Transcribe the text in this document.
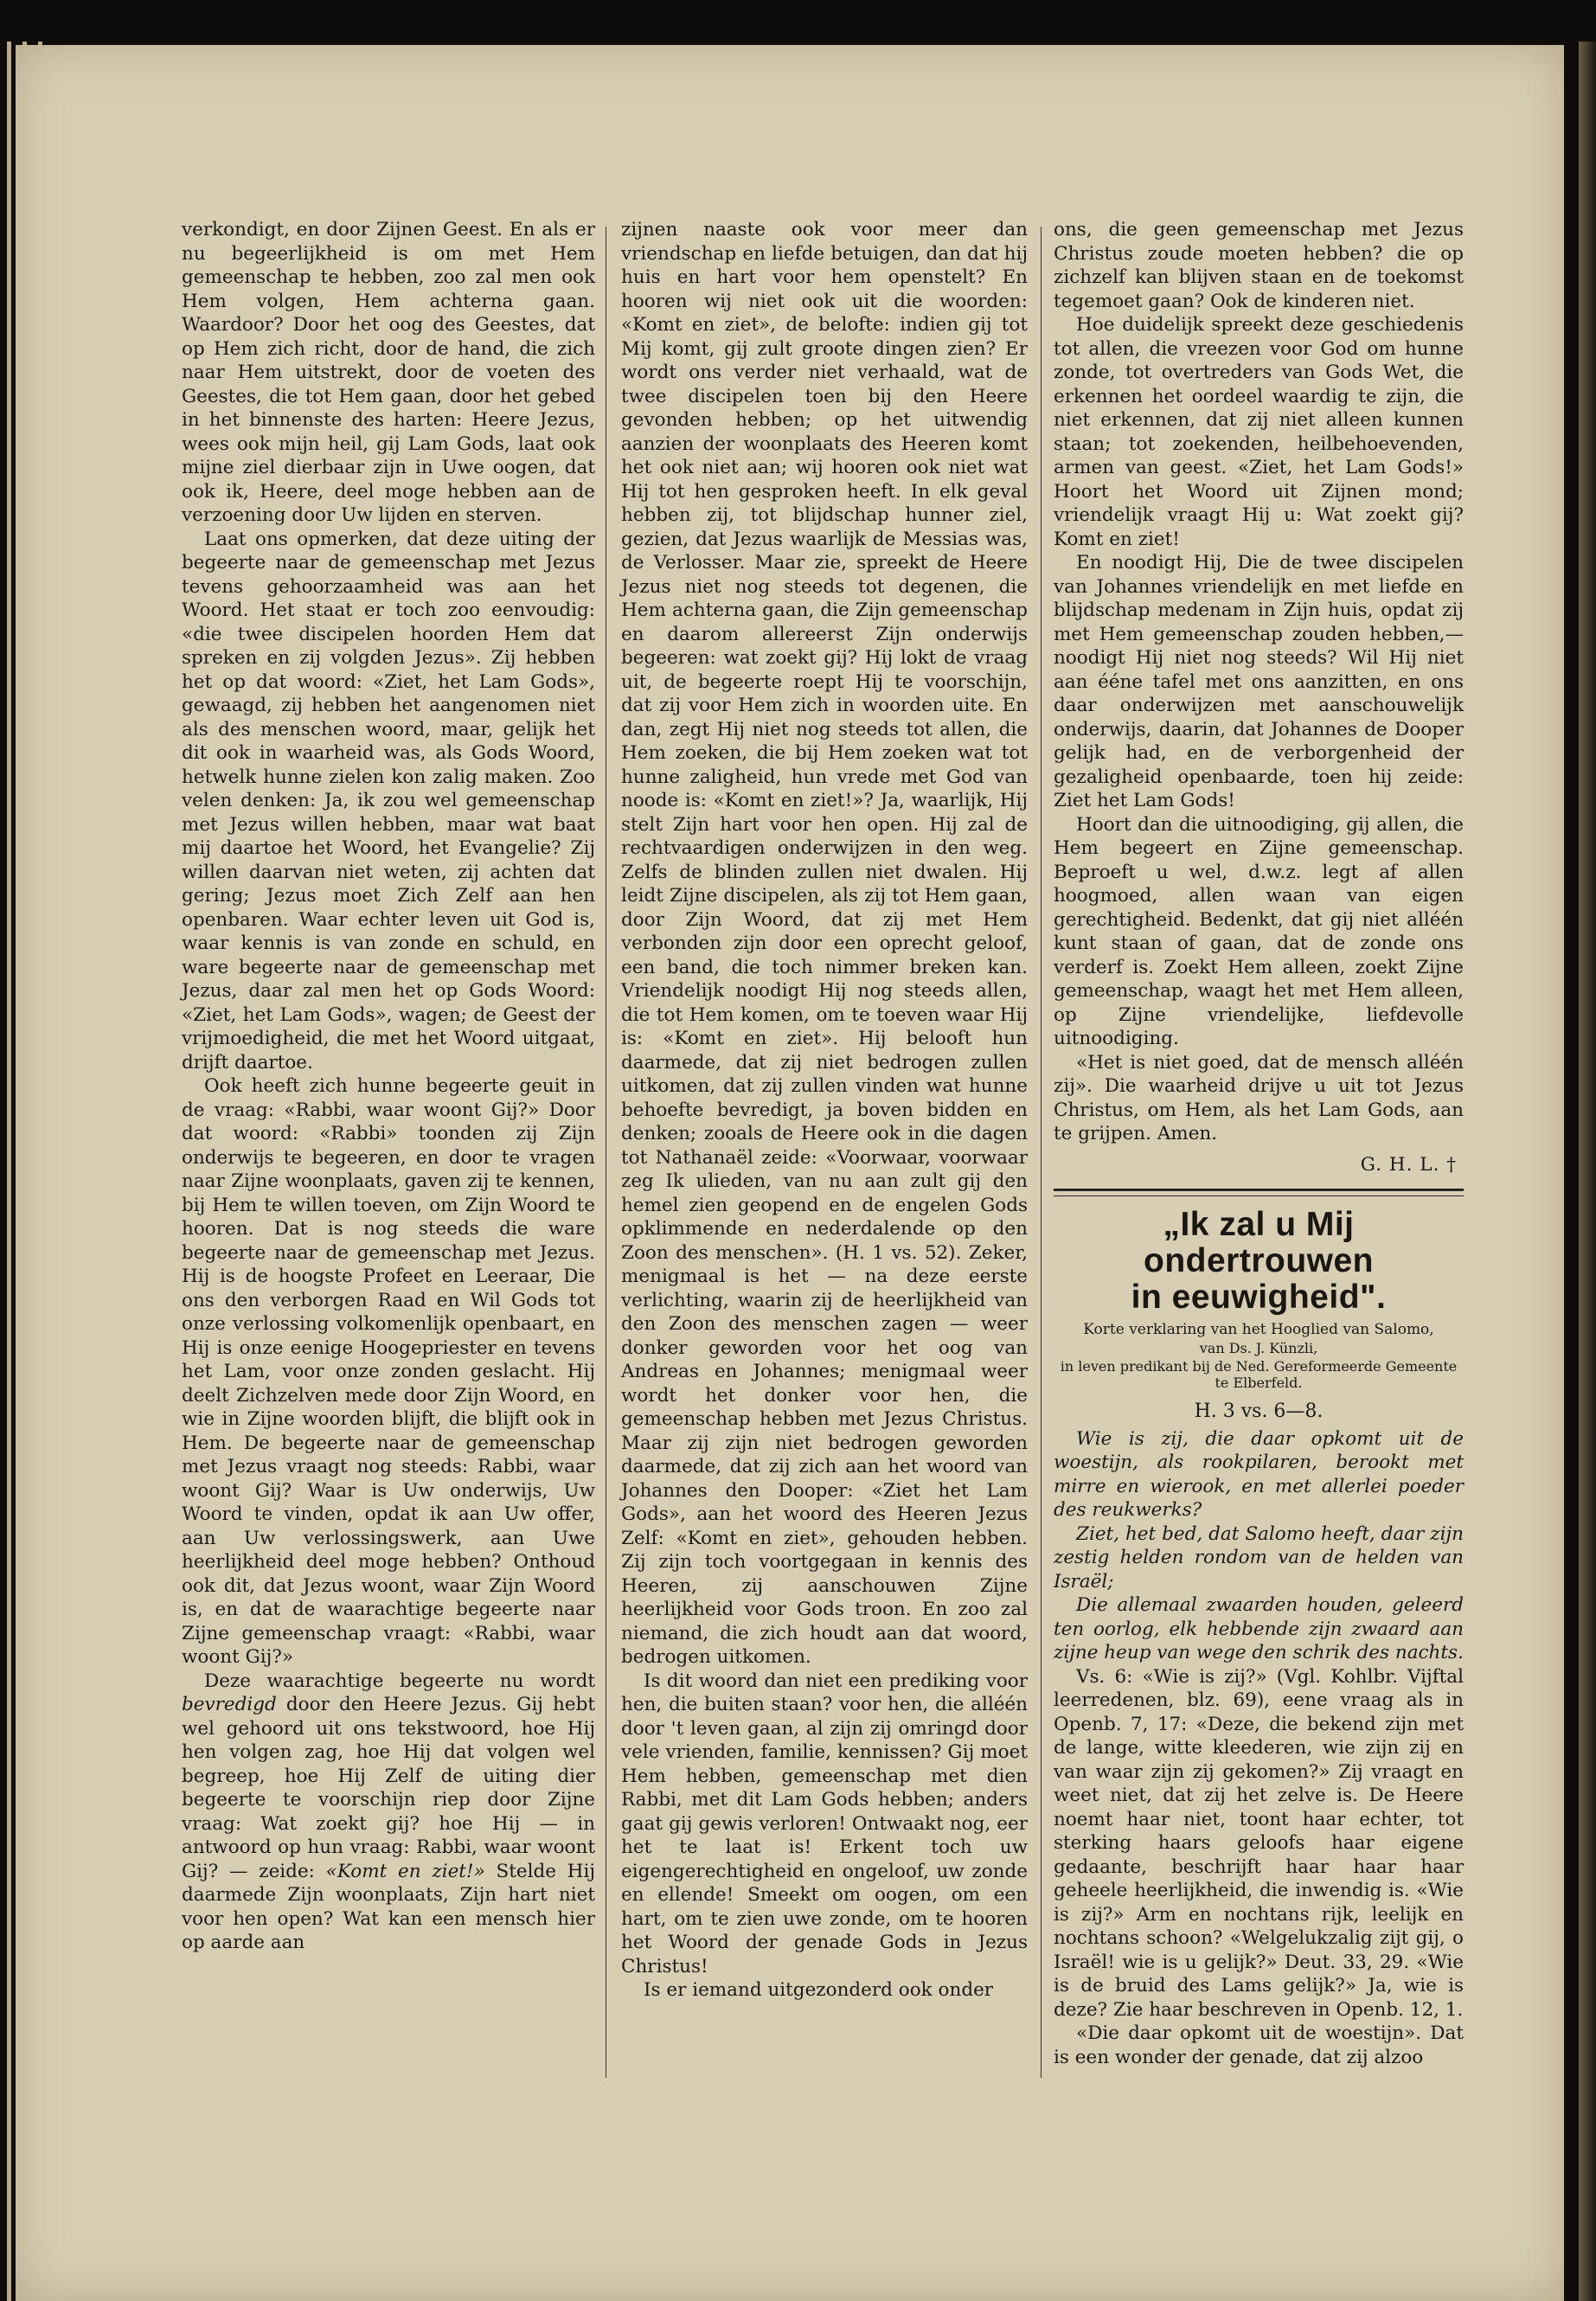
verkondigt, en door Zijnen Geest. En als er nu begeerlijkheid is om met Hem gemeenschap te hebben, zoo zal men ook Hem volgen, Hem achterna gaan. Waardoor? Door het oog des Geestes, dat op Hem zich richt, door de hand, die zich naar Hem uitstrekt, door de voeten des Geestes, die tot Hem gaan, door het gebed in het binnenste des harten: Heere Jezus, wees ook mijn heil, gij Lam Gods, laat ook mijne ziel dierbaar zijn in Uwe oogen, dat ook ik, Heere, deel moge hebben aan de verzoening door Uw lijden en sterven.

Laat ons opmerken, dat deze uiting der begeerte naar de gemeenschap met Jezus tevens gehoorzaamheid was aan het Woord. Het staat er toch zoo eenvoudig: «die twee discipelen hoorden Hem dat spreken en zij volgden Jezus». Zij hebben het op dat woord: «Ziet, het Lam Gods», gewaagd, zij hebben het aangenomen niet als des menschen woord, maar, gelijk het dit ook in waarheid was, als Gods Woord, hetwelk hunne zielen kon zalig maken. Zoo velen denken: Ja, ik zou wel gemeenschap met Jezus willen hebben, maar wat baat mij daartoe het Woord, het Evangelie? Zij willen daarvan niet weten, zij achten dat gering; Jezus moet Zich Zelf aan hen openbaren. Waar echter leven uit God is, waar kennis is van zonde en schuld, en ware begeerte naar de gemeenschap met Jezus, daar zal men het op Gods Woord: «Ziet, het Lam Gods», wagen; de Geest der vrijmoedigheid, die met het Woord uitgaat, drijft daartoe.

Ook heeft zich hunne begeerte geuit in de vraag: «Rabbi, waar woont Gij?» Door dat woord: «Rabbi» toonden zij Zijn onderwijs te begeeren, en door te vragen naar Zijne woonplaats, gaven zij te kennen, bij Hem te willen toeven, om Zijn Woord te hooren. Dat is nog steeds die ware begeerte naar de gemeenschap met Jezus. Hij is de hoogste Profeet en Leeraar, Die ons den verborgen Raad en Wil Gods tot onze verlossing volkomenlijk openbaart, en Hij is onze eenige Hoogepriester en tevens het Lam, voor onze zonden geslacht. Hij deelt Zichzelven mede door Zijn Woord, en wie in Zijne woorden blijft, die blijft ook in Hem. De begeerte naar de gemeenschap met Jezus vraagt nog steeds: Rabbi, waar woont Gij? Waar is Uw onderwijs, Uw Woord te vinden, opdat ik aan Uw offer, aan Uw verlossingswerk, aan Uwe heerlijkheid deel moge hebben? Onthoud ook dit, dat Jezus woont, waar Zijn Woord is, en dat de waarachtige begeerte naar Zijne gemeenschap vraagt: «Rabbi, waar woont Gij?»

Deze waarachtige begeerte nu wordt bevredigd door den Heere Jezus. Gij hebt wel gehoord uit ons tekstwoord, hoe Hij hen volgen zag, hoe Hij dat volgen wel begreep, hoe Hij Zelf de uiting dier begeerte te voorschijn riep door Zijne vraag: Wat zoekt gij? hoe Hij — in antwoord op hun vraag: Rabbi, waar woont Gij? — zeide: «Komt en ziet!» Stelde Hij daarmede Zijn woonplaats, Zijn hart niet voor hen open? Wat kan een mensch hier op aarde aan

zijnen naaste ook voor meer dan vriendschap en liefde betuigen, dan dat hij huis en hart voor hem openstelt? En hooren wij niet ook uit die woorden: «Komt en ziet», de belofte: indien gij tot Mij komt, gij zult groote dingen zien? Er wordt ons verder niet verhaald, wat de twee discipelen toen bij den Heere gevonden hebben; op het uitwendig aanzien der woonplaats des Heeren komt het ook niet aan; wij hooren ook niet wat Hij tot hen gesproken heeft. In elk geval hebben zij, tot blijdschap hunner ziel, gezien, dat Jezus waarlijk de Messias was, de Verlosser. Maar zie, spreekt de Heere Jezus niet nog steeds tot degenen, die Hem achterna gaan, die Zijn gemeenschap en daarom allereerst Zijn onderwijs begeeren: wat zoekt gij? Hij lokt de vraag uit, de begeerte roept Hij te voorschijn, dat zij voor Hem zich in woorden uite. En dan, zegt Hij niet nog steeds tot allen, die Hem zoeken, die bij Hem zoeken wat tot hunne zaligheid, hun vrede met God van noode is: «Komt en ziet!»? Ja, waarlijk, Hij stelt Zijn hart voor hen open. Hij zal de rechtvaardigen onderwijzen in den weg. Zelfs de blinden zullen niet dwalen. Hij leidt Zijne discipelen, als zij tot Hem gaan, door Zijn Woord, dat zij met Hem verbonden zijn door een oprecht geloof, een band, die toch nimmer breken kan. Vriendelijk noodigt Hij nog steeds allen, die tot Hem komen, om te toeven waar Hij is: «Komt en ziet». Hij belooft hun daarmede, dat zij niet bedrogen zullen uitkomen, dat zij zullen vinden wat hunne behoefte bevredigt, ja boven bidden en denken; zooals de Heere ook in die dagen tot Nathanaël zeide: «Voorwaar, voorwaar zeg Ik ulieden, van nu aan zult gij den hemel zien geopend en de engelen Gods opklimmende en nederdalende op den Zoon des menschen». (H. 1 vs. 52). Zeker, menigmaal is het — na deze eerste verlichting, waarin zij de heerlijkheid van den Zoon des menschen zagen — weer donker geworden voor het oog van Andreas en Johannes; menigmaal weer wordt het donker voor hen, die gemeenschap hebben met Jezus Christus. Maar zij zijn niet bedrogen geworden daarmede, dat zij zich aan het woord van Johannes den Dooper: «Ziet het Lam Gods», aan het woord des Heeren Jezus Zelf: «Komt en ziet», gehouden hebben. Zij zijn toch voortgegaan in kennis des Heeren, zij aanschouwen Zijne heerlijkheid voor Gods troon. En zoo zal niemand, die zich houdt aan dat woord, bedrogen uitkomen.

Is dit woord dan niet een prediking voor hen, die buiten staan? voor hen, die alléén door 't leven gaan, al zijn zij omringd door vele vrienden, familie, kennissen? Gij moet Hem hebben, gemeenschap met dien Rabbi, met dit Lam Gods hebben; anders gaat gij gewis verloren! Ontwaakt nog, eer het te laat is! Erkent toch uw eigengerechtigheid en ongeloof, uw zonde en ellende! Smeekt om oogen, om een hart, om te zien uwe zonde, om te hooren het Woord der genade Gods in Jezus Christus!

Is er iemand uitgezonderd ook onder

ons, die geen gemeenschap met Jezus Christus zoude moeten hebben? die op zichzelf kan blijven staan en de toekomst tegemoet gaan? Ook de kinderen niet.

Hoe duidelijk spreekt deze geschiedenis tot allen, die vreezen voor God om hunne zonde, tot overtreders van Gods Wet, die erkennen het oordeel waardig te zijn, die niet erkennen, dat zij niet alleen kunnen staan; tot zoekenden, heilbehoevenden, armen van geest. «Ziet, het Lam Gods!» Hoort het Woord uit Zijnen mond; vriendelijk vraagt Hij u: Wat zoekt gij? Komt en ziet!

En noodigt Hij, Die de twee discipelen van Johannes vriendelijk en met liefde en blijdschap medenam in Zijn huis, opdat zij met Hem gemeenschap zouden hebben,— noodigt Hij niet nog steeds? Wil Hij niet aan ééne tafel met ons aanzitten, en ons daar onderwijzen met aanschouwelijk onderwijs, daarin, dat Johannes de Dooper gelijk had, en de verborgenheid der gezaligheid openbaarde, toen hij zeide: Ziet het Lam Gods!

Hoort dan die uitnoodiging, gij allen, die Hem begeert en Zijne gemeenschap. Beproeft u wel, d.w.z. legt af allen hoogmoed, allen waan van eigen gerechtigheid. Bedenkt, dat gij niet alléén kunt staan of gaan, dat de zonde ons verderf is. Zoekt Hem alleen, zoekt Zijne gemeenschap, waagt het met Hem alleen, op Zijne vriendelijke, liefdevolle uitnoodiging.

«Het is niet goed, dat de mensch alléén zij». Die waarheid drijve u uit tot Jezus Christus, om Hem, als het Lam Gods, aan te grijpen. Amen.

G. H. L. †
„Ik zal u Mij ondertrouwen
in eeuwigheid".
Korte verklaring van het Hooglied van Salomo,
van Ds. J. Künzli,
in leven predikant bij de Ned. Gereformeerde Gemeente te Elberfeld.
H. 3 vs. 6—8.

Wie is zij, die daar opkomt uit de woestijn, als rookpilaren, berookt met mirre en wierook, en met allerlei poeder des reukwerks?

Ziet, het bed, dat Salomo heeft, daar zijn zestig helden rondom van de helden van Israël;

Die allemaal zwaarden houden, geleerd ten oorlog, elk hebbende zijn zwaard aan zijne heup van wege den schrik des nachts.

Vs. 6: «Wie is zij?» (Vgl. Kohlbr. Vijftal leerredenen, blz. 69), eene vraag als in Openb. 7, 17: «Deze, die bekend zijn met de lange, witte kleederen, wie zijn zij en van waar zijn zij gekomen?» Zij vraagt en weet niet, dat zij het zelve is. De Heere noemt haar niet, toont haar echter, tot sterking haars geloofs haar eigene gedaante, beschrijft haar haar haar geheele heerlijkheid, die inwendig is. «Wie is zij?» Arm en nochtans rijk, leelijk en nochtans schoon? «Welgelukzalig zijt gij, o Israël! wie is u gelijk?» Deut. 33, 29. «Wie is de bruid des Lams gelijk?» Ja, wie is deze? Zie haar beschreven in Openb. 12, 1.

«Die daar opkomt uit de woestijn». Dat is een wonder der genade, dat zij alzoo
